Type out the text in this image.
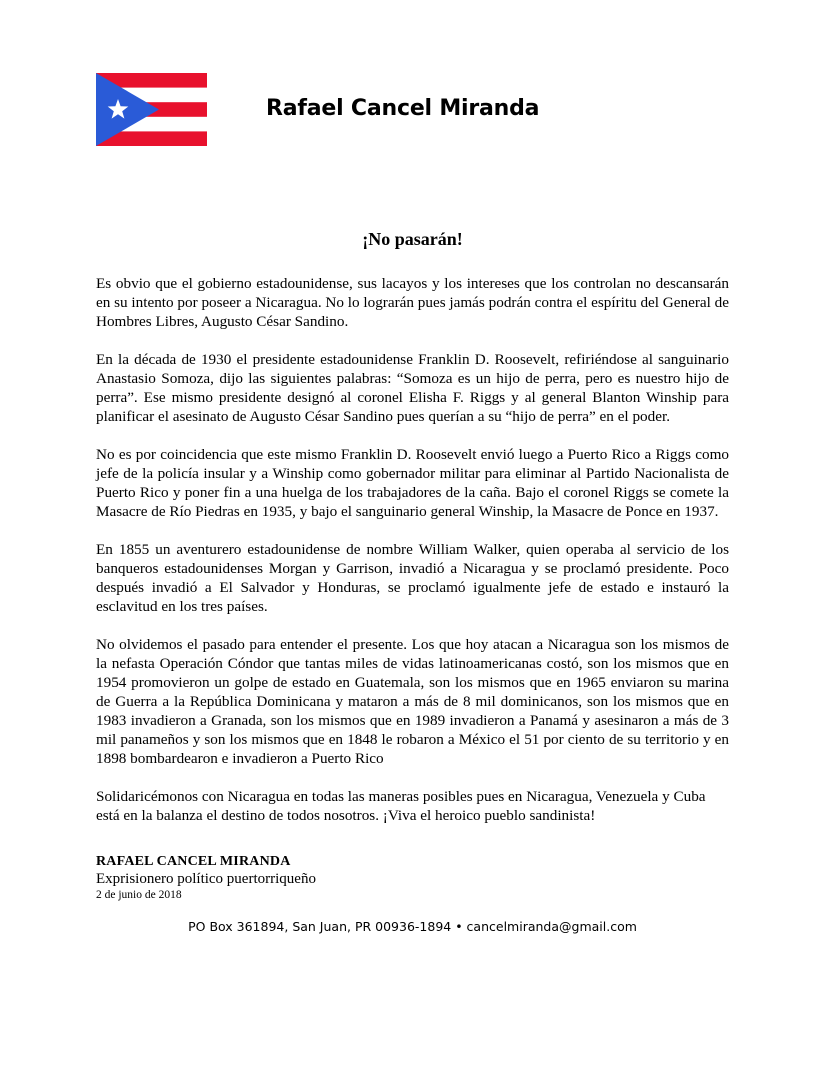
Rafael Cancel Miranda
¡No pasarán!

Es obvio que el gobierno estadounidense, sus lacayos y los intereses que los controlan no descansarán en su intento por poseer a Nicaragua. No lo lograrán pues jamás podrán contra el espíritu del General de Hombres Libres, Augusto César Sandino.

En la década de 1930 el presidente estadounidense Franklin D. Roosevelt, refiriéndose al sanguinario Anastasio Somoza, dijo las siguientes palabras: “Somoza es un hijo de perra, pero es nuestro hijo de perra”. Ese mismo presidente designó al coronel Elisha F. Riggs y al general Blanton Winship para planificar el asesinato de Augusto César Sandino pues querían a su “hijo de perra” en el poder.

No es por coincidencia que este mismo Franklin D. Roosevelt envió luego a Puerto Rico a Riggs como jefe de la policía insular y a Winship como gobernador militar para eliminar al Partido Nacionalista de Puerto Rico y poner fin a una huelga de los trabajadores de la caña. Bajo el coronel Riggs se comete la Masacre de Río Piedras en 1935, y bajo el sanguinario general Winship, la Masacre de Ponce en 1937.

En 1855 un aventurero estadounidense de nombre William Walker, quien operaba al servicio de los banqueros estadounidenses Morgan y Garrison, invadió a Nicaragua y se proclamó presidente. Poco después invadió a El Salvador y Honduras, se proclamó igualmente jefe de estado e instauró la esclavitud en los tres países.

No olvidemos el pasado para entender el presente. Los que hoy atacan a Nicaragua son los mismos de la nefasta Operación Cóndor que tantas miles de vidas latinoamericanas costó, son los mismos que en 1954 promovieron un golpe de estado en Guatemala, son los mismos que en 1965 enviaron su marina de Guerra a la República Dominicana y mataron a más de 8 mil dominicanos, son los mismos que en 1983 invadieron a Granada, son los mismos que en 1989 invadieron a Panamá y asesinaron a más de 3 mil panameños y son los mismos que en 1848 le robaron a México el 51 por ciento de su territorio y en 1898 bombardearon e invadieron a Puerto Rico

Solidaricémonos con Nicaragua en todas las maneras posibles pues en Nicaragua, Venezuela y Cuba está en la balanza el destino de todos nosotros. ¡Viva el heroico pueblo sandinista!

RAFAEL CANCEL MIRANDA
Exprisionero político puertorriqueño
2 de junio de 2018
PO Box 361894, San Juan, PR 00936-1894 • cancelmiranda@gmail.com
